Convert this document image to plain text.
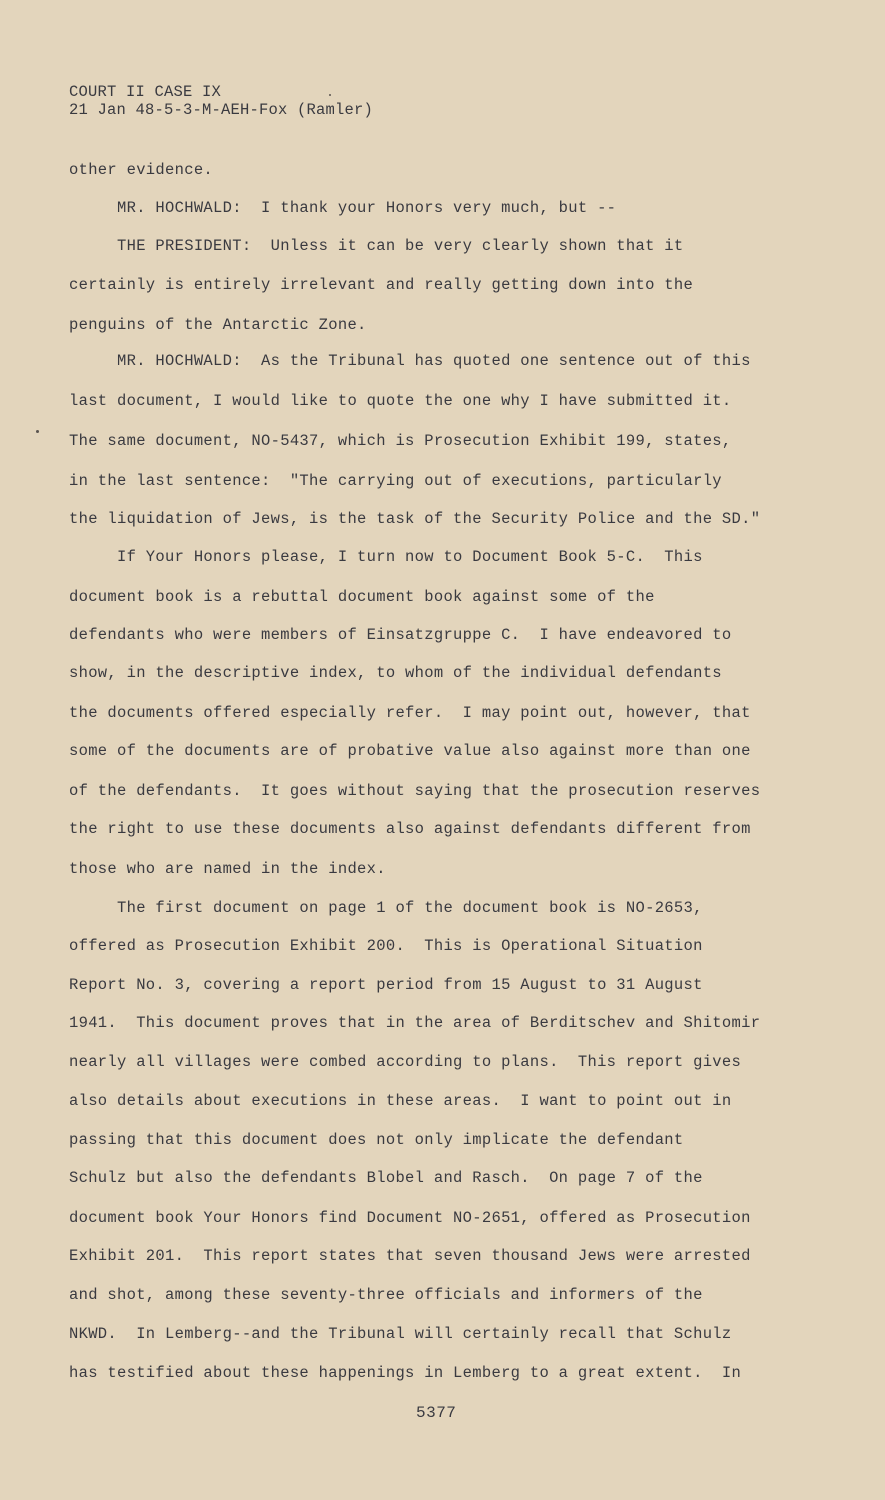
COURT II CASE IX
21 Jan 48-5-3-M-AEH-Fox (Ramler)
other evidence.
MR. HOCHWALD:  I thank your Honors very much, but --
THE PRESIDENT:  Unless it can be very clearly shown that it
certainly is entirely irrelevant and really getting down into the
penguins of the Antarctic Zone.
MR. HOCHWALD:  As the Tribunal has quoted one sentence out of this
last document, I would like to quote the one why I have submitted it.
The same document, NO-5437, which is Prosecution Exhibit 199, states,
in the last sentence:  "The carrying out of executions, particularly
the liquidation of Jews, is the task of the Security Police and the SD."
If Your Honors please, I turn now to Document Book 5-C.  This
document book is a rebuttal document book against some of the
defendants who were members of Einsatzgruppe C.  I have endeavored to
show, in the descriptive index, to whom of the individual defendants
the documents offered especially refer.  I may point out, however, that
some of the documents are of probative value also against more than one
of the defendants.  It goes without saying that the prosecution reserves
the right to use these documents also against defendants different from
those who are named in the index.
The first document on page 1 of the document book is NO-2653,
offered as Prosecution Exhibit 200.  This is Operational Situation
Report No. 3, covering a report period from 15 August to 31 August
1941.  This document proves that in the area of Berditschev and Shitomir
nearly all villages were combed according to plans.  This report gives
also details about executions in these areas.  I want to point out in
passing that this document does not only implicate the defendant
Schulz but also the defendants Blobel and Rasch.  On page 7 of the
document book Your Honors find Document NO-2651, offered as Prosecution
Exhibit 201.  This report states that seven thousand Jews were arrested
and shot, among these seventy-three officials and informers of the
NKWD.  In Lemberg--and the Tribunal will certainly recall that Schulz
has testified about these happenings in Lemberg to a great extent.  In
5377
